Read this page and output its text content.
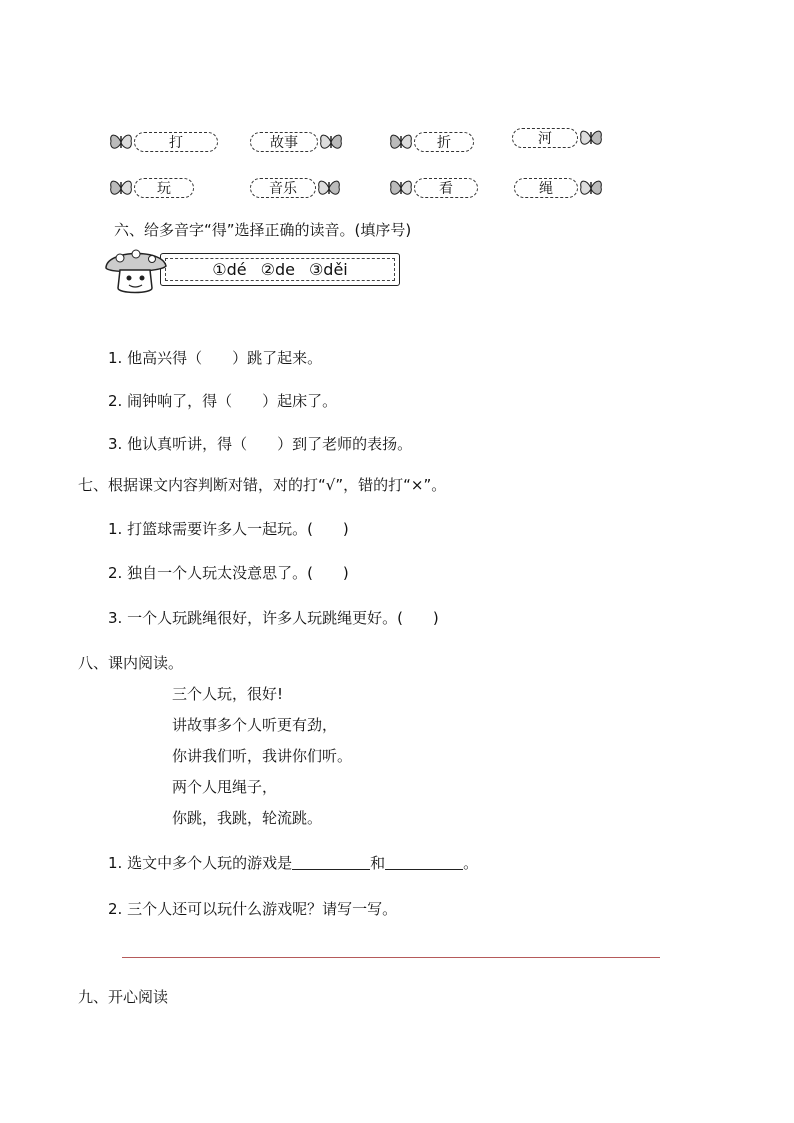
打	故事	折	河
玩	音乐	看	绳
六、给多音字“得”选择正确的读音。(填序号)
①dé ②de ③děi
1. 他高兴得（　　）跳了起来。
2. 闹钟响了，得（　　）起床了。
3. 他认真听讲，得（　　）到了老师的表扬。
七、根据课文内容判断对错，对的打“√”，错的打“×”。
1. 打篮球需要许多人一起玩。(　　)
2. 独自一个人玩太没意思了。(　　)
3. 一个人玩跳绳很好，许多人玩跳绳更好。(　　)
八、课内阅读。
三个人玩，很好!
讲故事多个人听更有劲，
你讲我们听，我讲你们听。
两个人甩绳子，
你跳，我跳，轮流跳。
1. 选文中多个人玩的游戏是	和	。
2. 三个人还可以玩什么游戏呢？请写一写。
九、开心阅读
